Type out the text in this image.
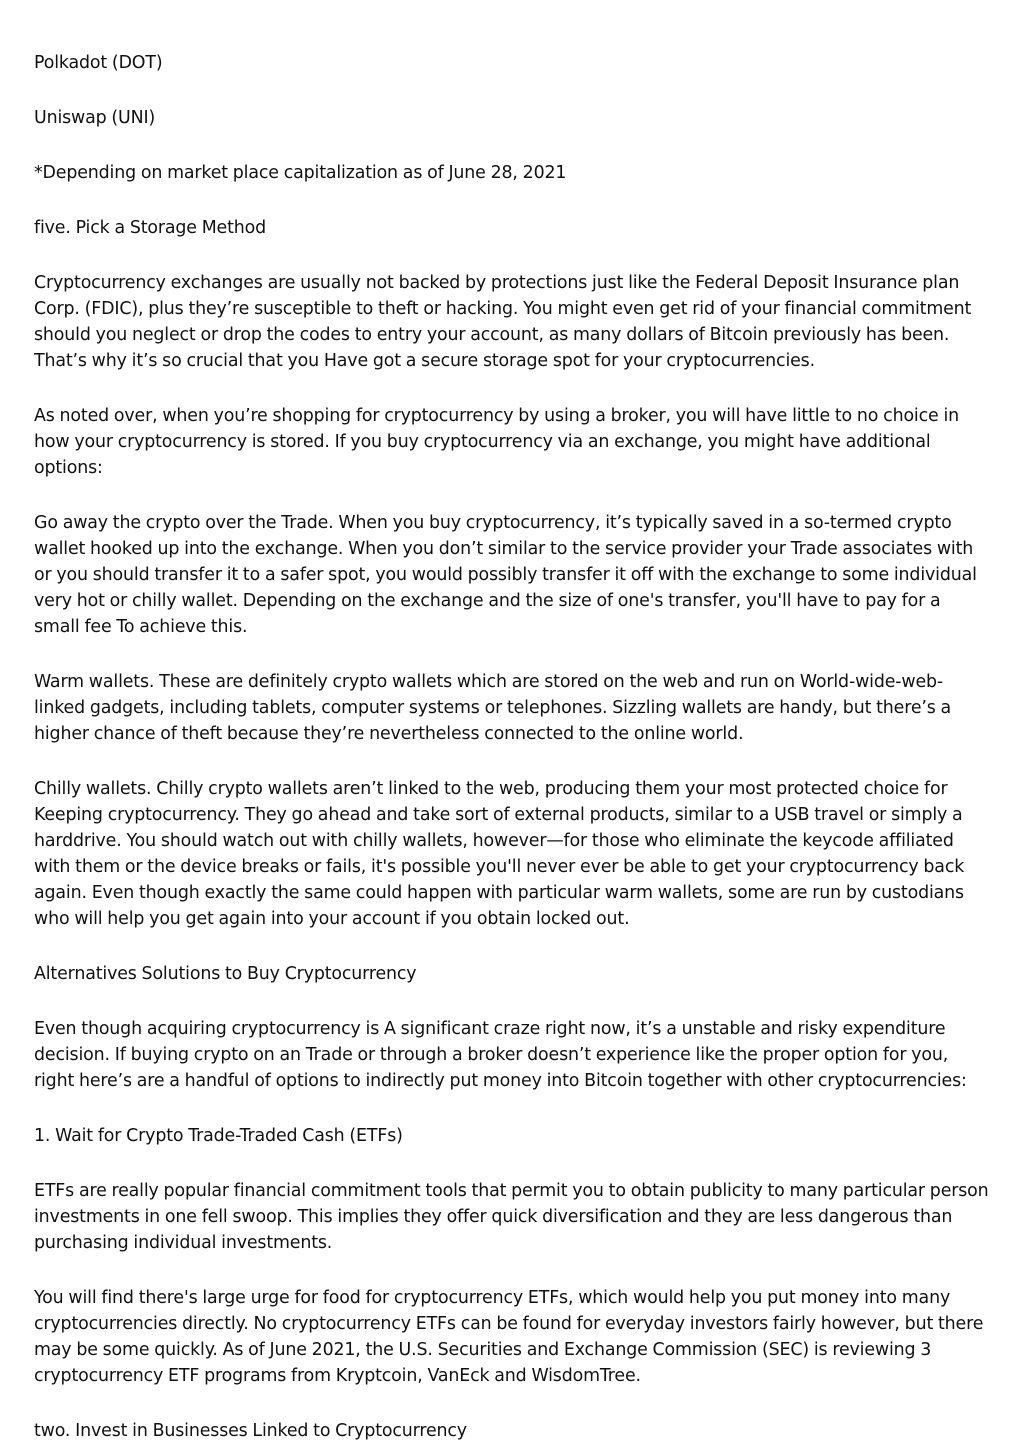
Polkadot (DOT)

Uniswap (UNI)

*Depending on market place capitalization as of June 28, 2021

five. Pick a Storage Method

Cryptocurrency exchanges are usually not backed by protections just like the Federal Deposit Insurance plan Corp. (FDIC), plus they’re susceptible to theft or hacking. You might even get rid of your financial commitment should you neglect or drop the codes to entry your account, as many dollars of Bitcoin previously has been. That’s why it’s so crucial that you Have got a secure storage spot for your cryptocurrencies.

As noted over, when you’re shopping for cryptocurrency by using a broker, you will have little to no choice in how your cryptocurrency is stored. If you buy cryptocurrency via an exchange, you might have additional options:

Go away the crypto over the Trade. When you buy cryptocurrency, it’s typically saved in a so-termed crypto wallet hooked up into the exchange. When you don’t similar to the service provider your Trade associates with or you should transfer it to a safer spot, you would possibly transfer it off with the exchange to some individual very hot or chilly wallet. Depending on the exchange and the size of one's transfer, you'll have to pay for a small fee To achieve this.

Warm wallets. These are definitely crypto wallets which are stored on the web and run on World-wide-web-linked gadgets, including tablets, computer systems or telephones. Sizzling wallets are handy, but there’s a higher chance of theft because they’re nevertheless connected to the online world.

Chilly wallets. Chilly crypto wallets aren’t linked to the web, producing them your most protected choice for Keeping cryptocurrency. They go ahead and take sort of external products, similar to a USB travel or simply a harddrive. You should watch out with chilly wallets, however—for those who eliminate the keycode affiliated with them or the device breaks or fails, it's possible you'll never ever be able to get your cryptocurrency back again. Even though exactly the same could happen with particular warm wallets, some are run by custodians who will help you get again into your account if you obtain locked out.

Alternatives Solutions to Buy Cryptocurrency

Even though acquiring cryptocurrency is A significant craze right now, it’s a unstable and risky expenditure decision. If buying crypto on an Trade or through a broker doesn’t experience like the proper option for you, right here’s are a handful of options to indirectly put money into Bitcoin together with other cryptocurrencies:

1. Wait for Crypto Trade-Traded Cash (ETFs)

ETFs are really popular financial commitment tools that permit you to obtain publicity to many particular person investments in one fell swoop. This implies they offer quick diversification and they are less dangerous than purchasing individual investments.

You will find there's large urge for food for cryptocurrency ETFs, which would help you put money into many cryptocurrencies directly. No cryptocurrency ETFs can be found for everyday investors fairly however, but there may be some quickly. As of June 2021, the U.S. Securities and Exchange Commission (SEC) is reviewing 3 cryptocurrency ETF programs from Kryptcoin, VanEck and WisdomTree.

two. Invest in Businesses Linked to Cryptocurrency
